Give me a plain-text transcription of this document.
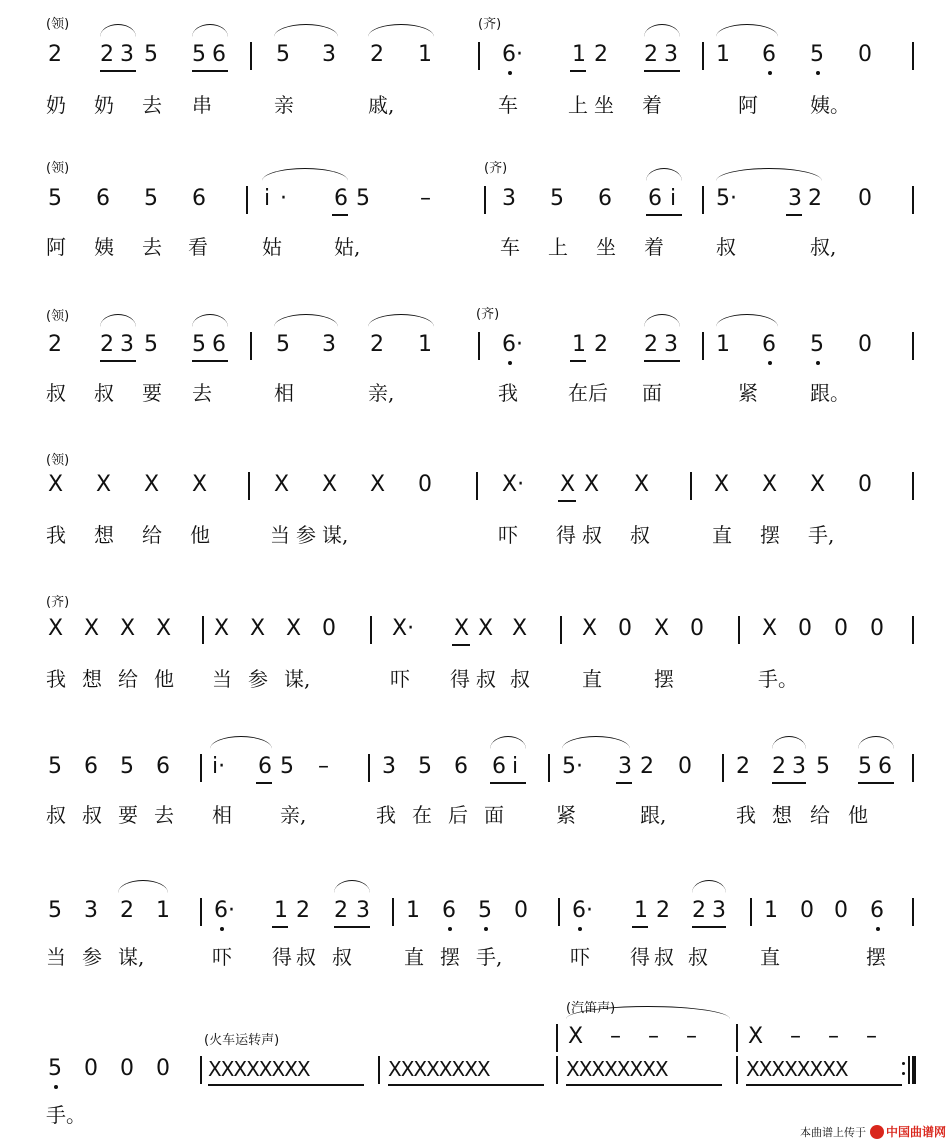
(领)	(齐)
2 2 3 5 5 6 5 3 2 1	6· 1 2 2 3 1 6 5 0
奶 奶 去 串	亲	戚,	车	上 坐 着	阿	姨。
(领)	(齐)
5 6 5 6	i · 6 5 –	3 5 6 6 i 5· 3 2 0
阿 姨 去 看	姑	姑,	车 上 坐 着	叔	叔,
(领)	(齐)
2 2 3 5 5 6 5 3 2 1	6· 1 2 2 3 1 6 5 0
叔 叔 要 去	相	亲,	我	在后 面	紧	跟。
(领)
X X X X	X X X 0	X· X X X	X X X 0
我 想 给 他	当 参 谋,	吓 得 叔 叔	直 摆 手,
(齐)
X X X X X X X 0	X· X X X X 0 X 0	X 0 0 0
我 想 给 他 当 参 谋,	吓 得 叔 叔	直	摆	手。
5 6 5 6 i· 6 5 – 3 5 6 6 i 5· 3 2 0 2 2 3 5 5 6
叔 叔 要 去 相 亲,	我 在 后 面	紧	跟,	我 想 给 他
5 3 2 1 6· 1 2 2 3 1 6 5 0 6· 1 2 2 3 1 0 0 6
当 参 谋,	吓 得 叔 叔	直 摆 手,	吓 得 叔 叔	直	摆
(火车运转声)
(汽笛声)
X – – – X – – –
5 0 0 0 XXXXXXXX	XXXXXXXX	XXXXXXXX	XXXXXXXX
手。
本曲谱上传于 中国曲谱网
